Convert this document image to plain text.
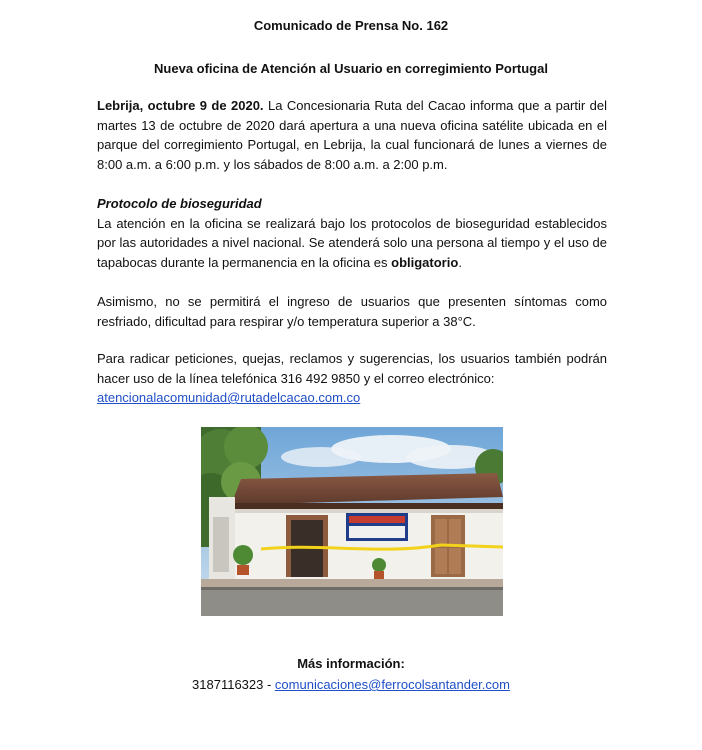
Comunicado de Prensa No. 162
Nueva oficina de Atención al Usuario en corregimiento Portugal
Lebrija, octubre 9 de 2020. La Concesionaria Ruta del Cacao informa que a partir del martes 13 de octubre de 2020 dará apertura a una nueva oficina satélite ubicada en el parque del corregimiento Portugal, en Lebrija, la cual funcionará de lunes a viernes de 8:00 a.m. a 6:00 p.m. y los sábados de 8:00 a.m. a 2:00 p.m.
Protocolo de bioseguridad
La atención en la oficina se realizará bajo los protocolos de bioseguridad establecidos por las autoridades a nivel nacional. Se atenderá solo una persona al tiempo y el uso de tapabocas durante la permanencia en la oficina es obligatorio.
Asimismo, no se permitirá el ingreso de usuarios que presenten síntomas como resfriado, dificultad para respirar y/o temperatura superior a 38°C.
Para radicar peticiones, quejas, reclamos y sugerencias, los usuarios también podrán hacer uso de la línea telefónica 316 492 9850 y el correo electrónico:
atencionalacomunidad@rutadelcacao.com.co
Más información:
3187116323 - comunicaciones@ferrocolsantander.com
